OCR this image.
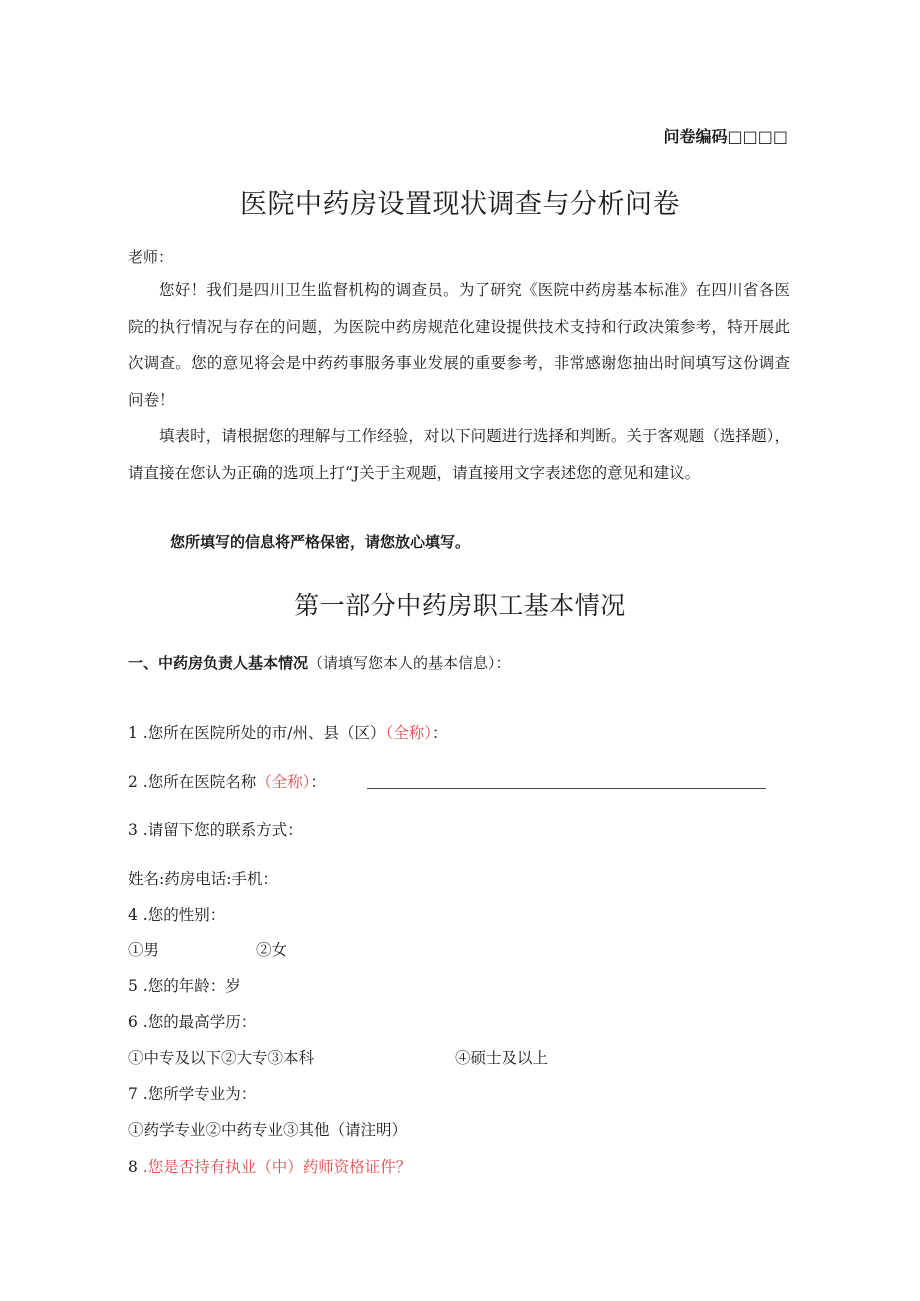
问卷编码□□□□
医院中药房设置现状调查与分析问卷
老师：

您好！我们是四川卫生监督机构的调查员。为了研究《医院中药房基本标准》在四川省各医院的执行情况与存在的问题，为医院中药房规范化建设提供技术支持和行政决策参考，特开展此次调查。您的意见将会是中药药事服务事业发展的重要参考，非常感谢您抽出时间填写这份调查问卷！

填表时，请根据您的理解与工作经验，对以下问题进行选择和判断。关于客观题（选择题），请直接在您认为正确的选项上打“J关于主观题，请直接用文字表述您的意见和建议。

您所填写的信息将严格保密，请您放心填写。
第一部分中药房职工基本情况
一、中药房负责人基本情况（请填写您本人的基本信息）：
1 .您所在医院所处的市/州、县（区）（全称）：
2 .您所在医院名称（全称）：
3 .请留下您的联系方式：
姓名:药房电话:手机：
4 .您的性别：
①男	②女
5 .您的年龄：岁
6 .您的最高学历：
①中专及以下②大专③本科	④硕士及以上
7 .您所学专业为：
①药学专业②中药专业③其他（请注明）
8 .您是否持有执业（中）药师资格证件？
